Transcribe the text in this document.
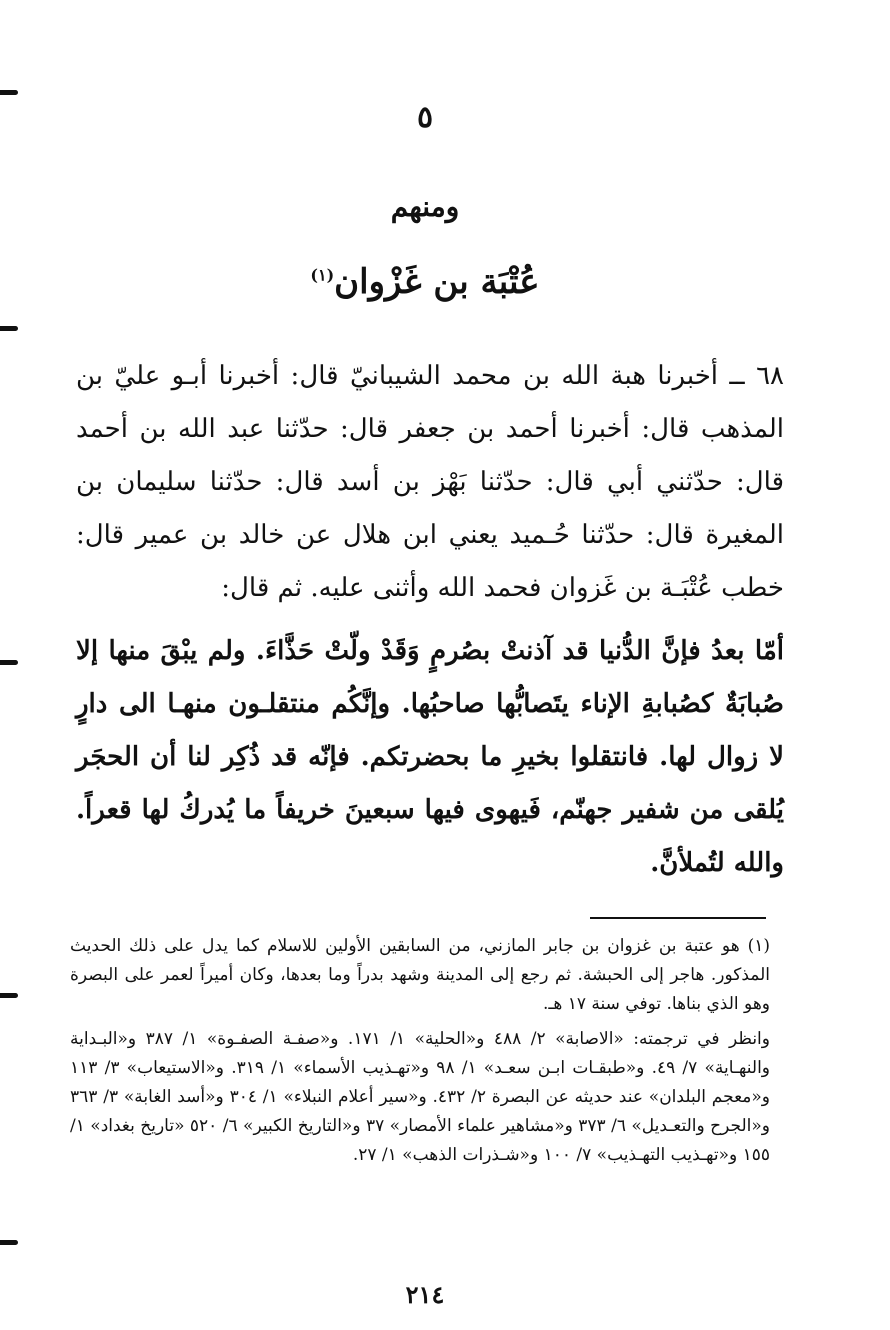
٥
ومنهم
عُتْبَة بن غَزْوان$^{(١)}$

٦٨ ــ أخبرنا هبة الله بن محمد الشيبانيّ قال: أخبرنا أبـو عليّ بن المذهب قال: أخبرنا أحمد بن جعفر قال: حدّثنا عبد الله بن أحمد قال: حدّثني أبي قال: حدّثنا بَهْز بن أسد قال: حدّثنا سليمان بن المغيرة قال: حدّثنا حُـميد يعني ابن هلال عن خالد بن عمير قال: خطب عُتْبَـة بن غَزوان فحمد الله وأثنى عليه. ثم قال:

أمّا بعدُ فإنَّ الدُّنيا قد آذنتْ بصُرمٍ وَقَدْ ولّتْ حَذَّاءَ. ولم يبْقَ منها إلا صُبابَةٌ كصُبابةِ الإناء يتَصابُّها صاحبُها. وإنَّكُم منتقلـون منهـا الى دارٍ لا زوال لها. فانتقلوا بخيرِ ما بحضرتكم. فإنّه قد ذُكِر لنا أن الحجَر يُلقى من شفير جهنّم، فَيهوى فيها سبعينَ خريفاً ما يُدركُ لها قعراً. والله لتُملأنَّ.

(١) هو عتبة بن غزوان بن جابر المازني، من السابقين الأولين للاسلام كما يدل على ذلك الحديث المذكور. هاجر إلى الحبشة. ثم رجع إلى المدينة وشهد بدراً وما بعدها، وكان أميراً لعمر على البصرة وهو الذي بناها. توفي سنة ١٧ هـ.

وانظر في ترجمته: «الاصابة» ٢/ ٤٨٨ و«الحلية» ١/ ١٧١. و«صفـة الصفـوة» ١/ ٣٨٧ و«البـداية والنهـاية» ٧/ ٤٩. و«طبقـات ابـن سعـد» ١/ ٩٨ و«تهـذيب الأسماء» ١/ ٣١٩. و«الاستيعاب» ٣/ ١١٣ و«معجم البلدان» عند حديثه عن البصرة ٢/ ٤٣٢. و«سير أعلام النبلاء» ١/ ٣٠٤ و«أسد الغابة» ٣/ ٣٦٣ و«الجرح والتعـديل» ٦/ ٣٧٣ و«مشاهير علماء الأمصار» ٣٧ و«التاريخ الكبير» ٦/ ٥٢٠ «تاريخ بغداد» ١/ ١٥٥ و«تهـذيب التهـذيب» ٧/ ١٠٠ و«شـذرات الذهب» ١/ ٢٧.

٢١٤
